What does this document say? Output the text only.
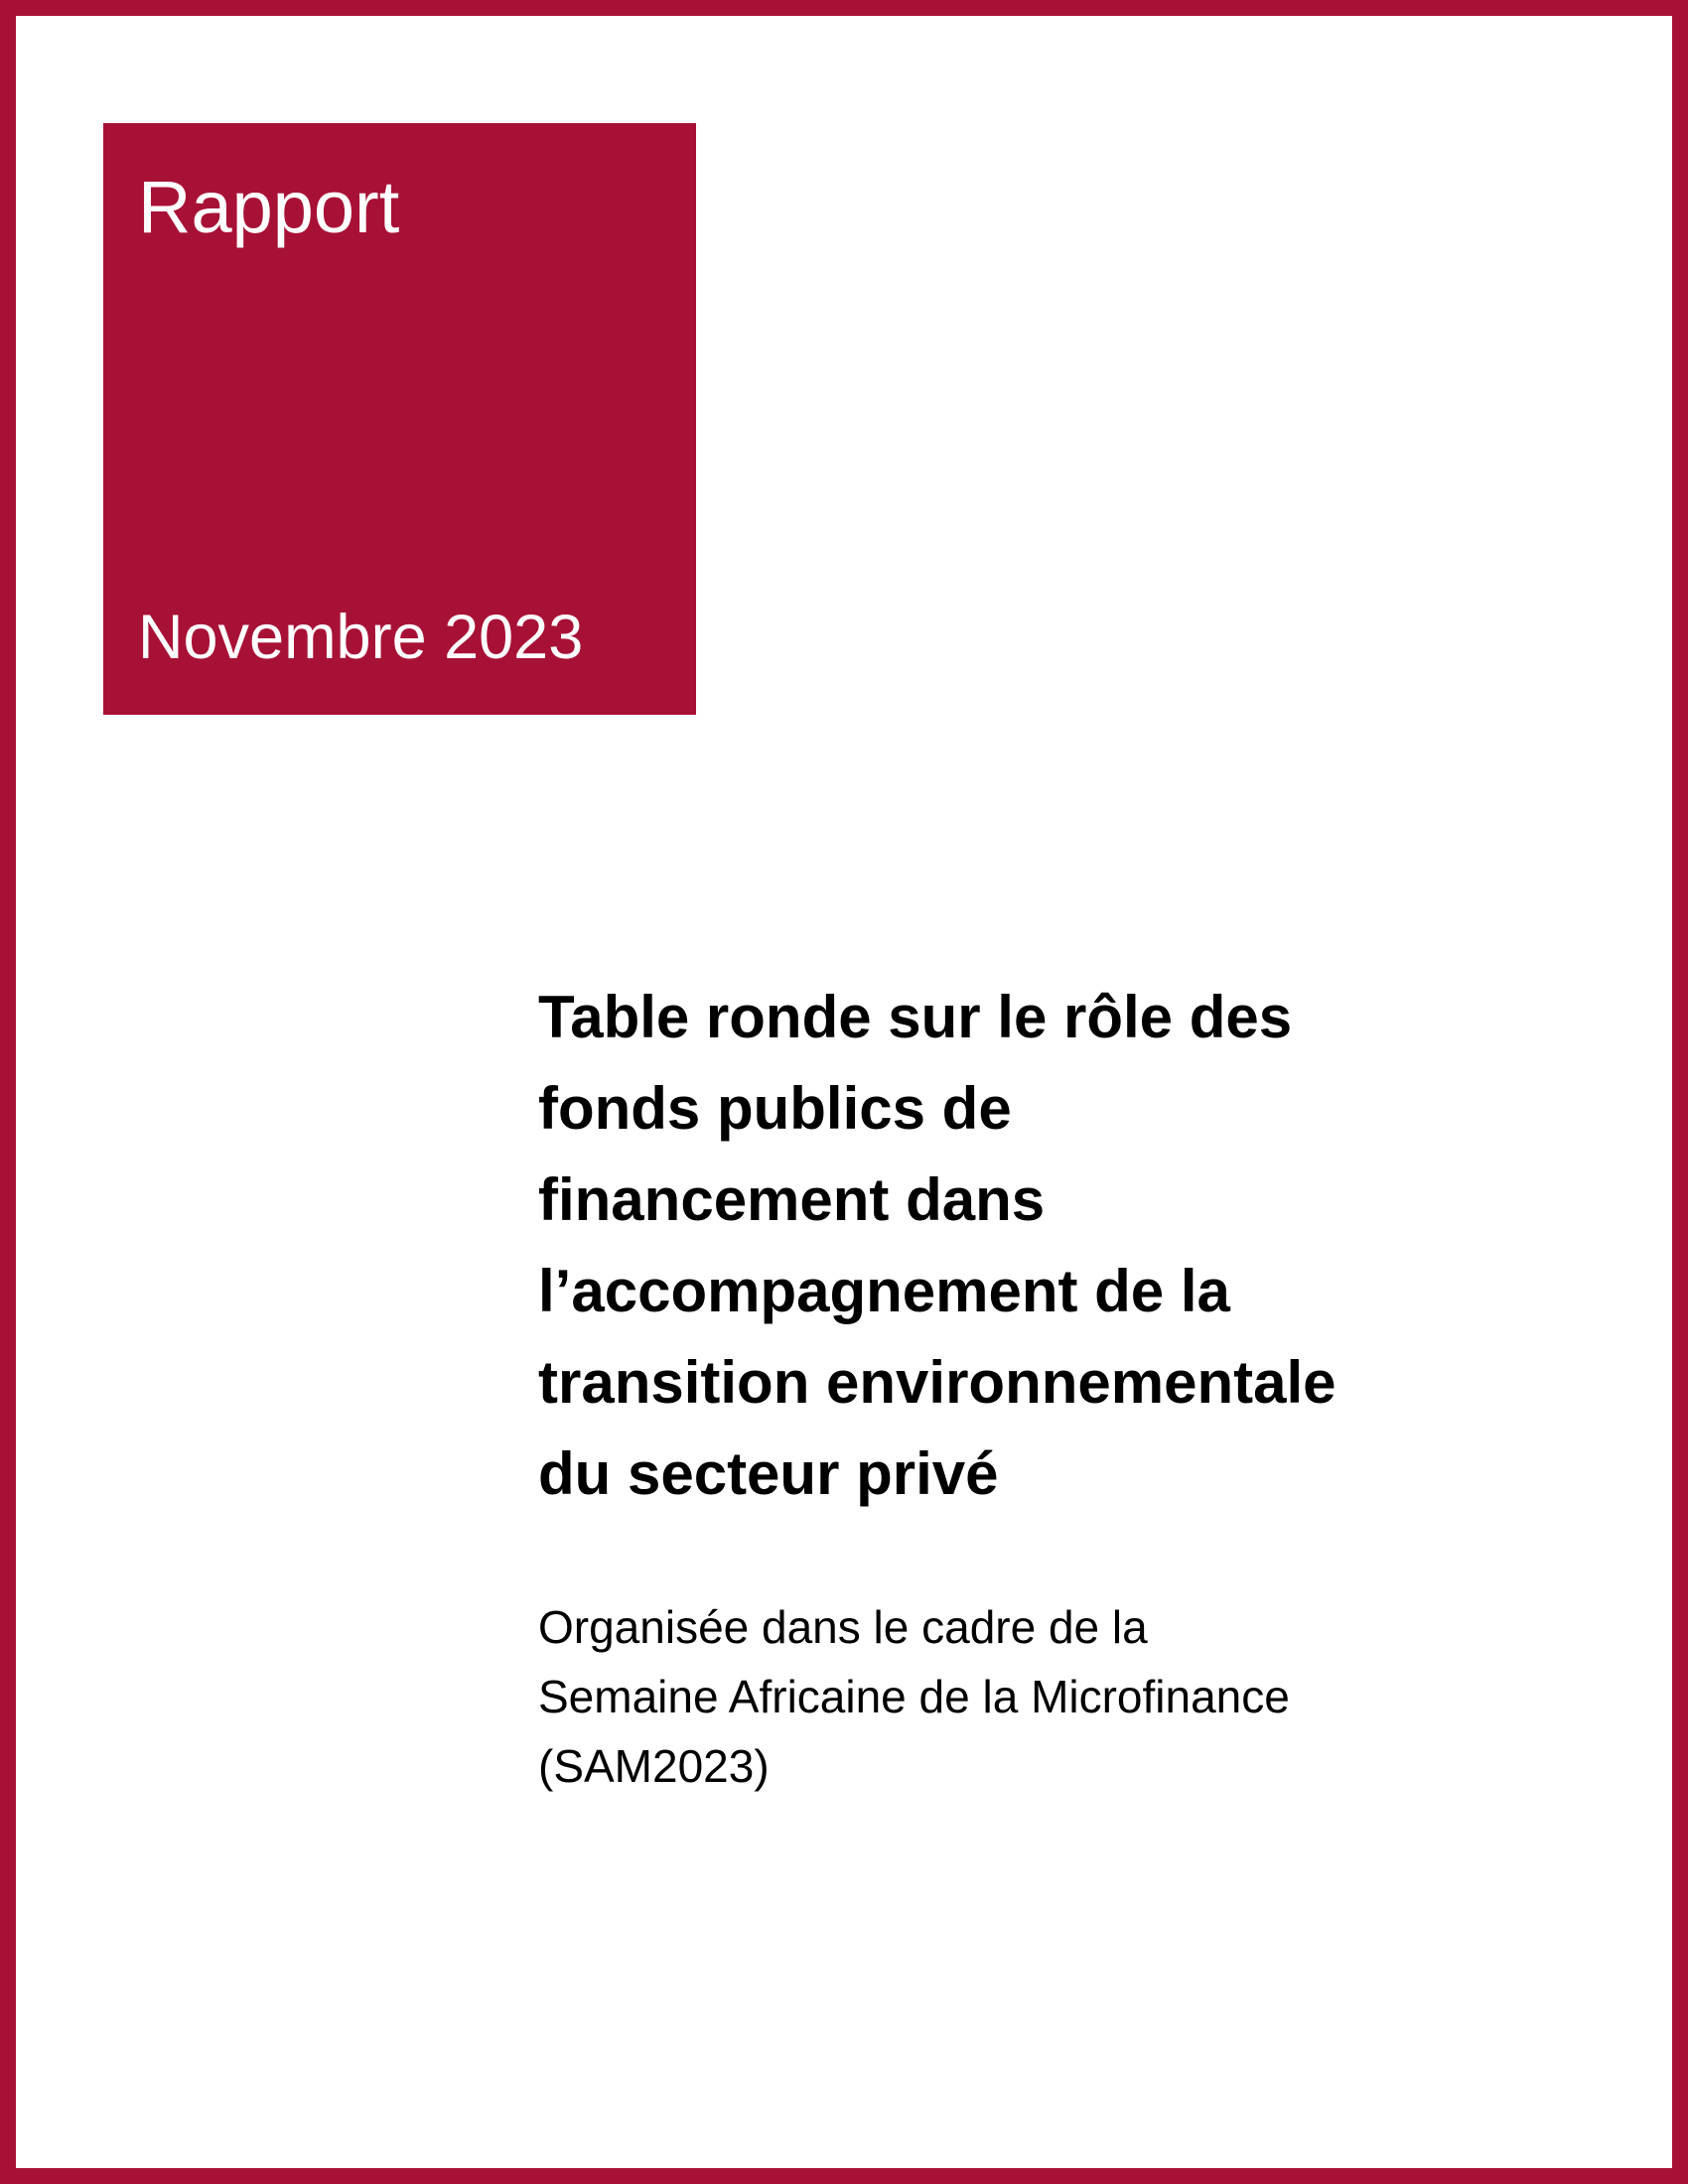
Rapport
Novembre 2023
Table ronde sur le rôle des
fonds publics de
financement dans
l’accompagnement de la
transition environnementale
du secteur privé

Organisée dans le cadre de la
Semaine Africaine de la Microfinance
(SAM2023)
